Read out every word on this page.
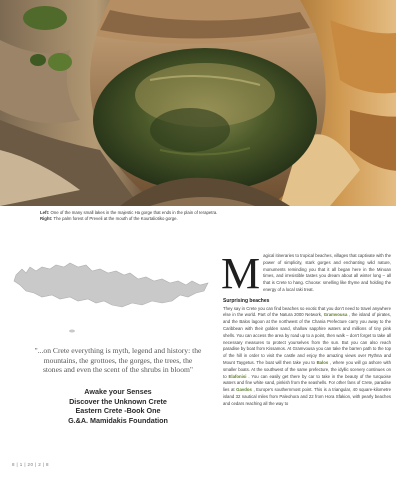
Left: One of the many small lakes in the majestic Ha gorge that ends in the plain of Ierapetra.
Right: The palm forest of Preveli at the mouth of the Kourtaliotiko gorge.
"...on Crete everything is myth, legend and history: the mountains, the grottoes, the gorges, the trees, the stones and even the scent of the shrubs in bloom"
Awake your Senses
Discover the Unknown Crete
Eastern Crete -Book One
G.&A. Mamidakis Foundation

M agical itineraries to tropical beaches, villages that captivate with the power of simplicity, stark gorges and enchanting wild nature, monuments reminding you that it all began here in the Minoan times, and irresistible tastes you dream about all winter long – all that is Crete to hang. Choose: smelling like thyme and holding the energy of a local raki treat.

Surprising beaches

They say in Crete you can find beaches so exotic that you don't need to travel anywhere else in the world. Part of the Natura 2000 Network, Gramvousa , the island of pirates, and the Balos lagoon at the northwest of the Chania Prefecture carry you away to the Caribbean with their golden sand, shallow sapphire waters and millions of tiny pink shells. You can access the area by road up to a point, then walk – don't forget to take all necessary measures to protect yourselves from the sun. But you can also reach paradise by boat from Kissamos. At Gramvousa you can take the barren path to the top of the hill in order to visit the castle and enjoy the amazing views over Rythna and Mount Taygetus. The boat will then take you to Balos , where you will go ashore with smaller boats. At the southwest of the same prefecture, the idyllic scenery continues on to Elafonisi . You can easily get there by car to take in the beauty of the turquoise waters and fine white sand, pinkish from the seashells. For other fans of Crete, paradise lies at Gavdos , Europe's southernmost point. This is a triangular, 40 square-kilometre island 32 nautical miles from Paleohora and 22 from Hora Sfakion, with pearly beaches and cedars reaching all the way to

8 | 1 | 20 | 2 | 8
